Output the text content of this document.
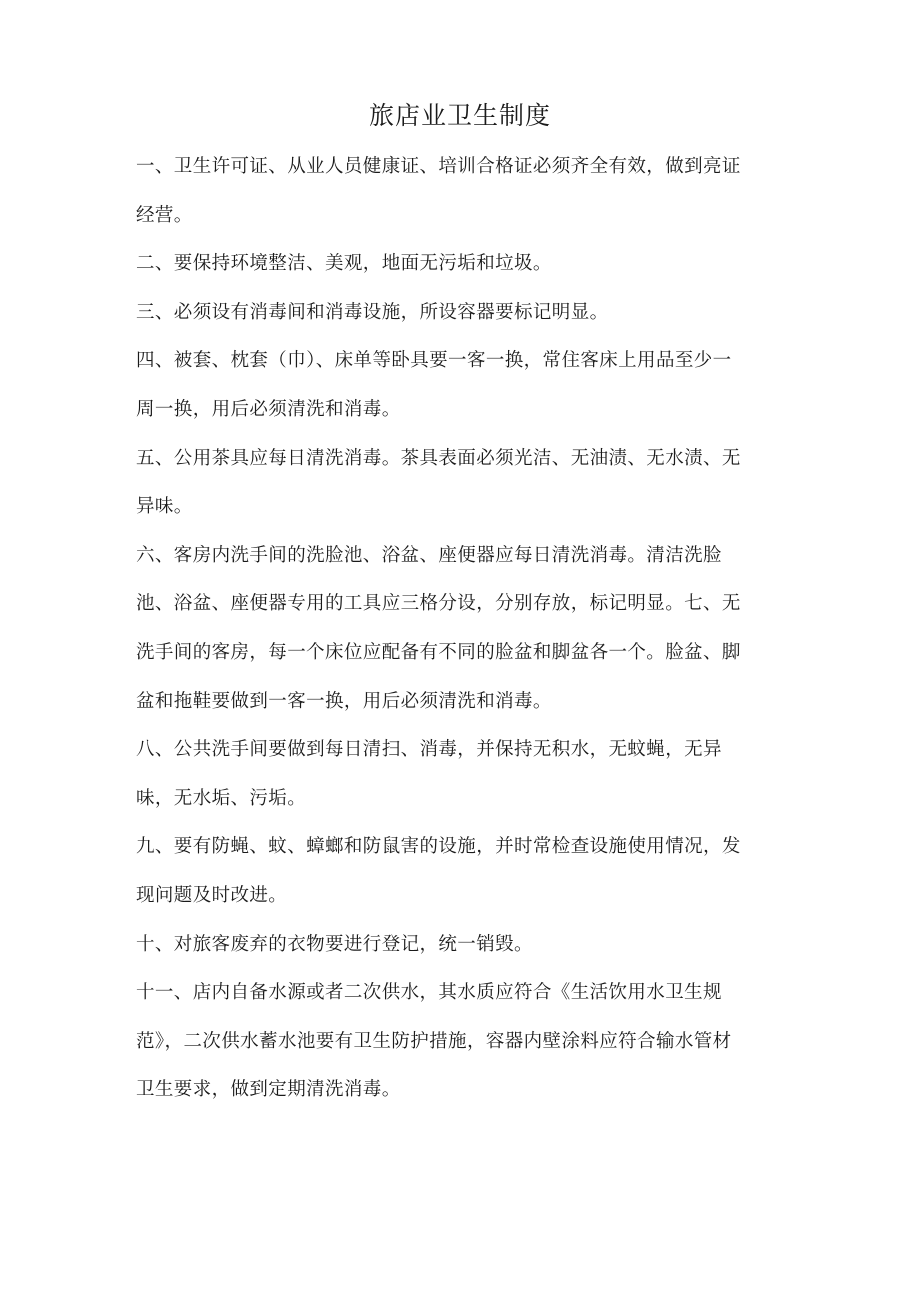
旅店业卫生制度

一、卫生许可证、从业人员健康证、培训合格证必须齐全有效，做到亮证
经营。

二、要保持环境整洁、美观，地面无污垢和垃圾。

三、必须设有消毒间和消毒设施，所设容器要标记明显。

四、被套、枕套（巾）、床单等卧具要一客一换，常住客床上用品至少一
周一换，用后必须清洗和消毒。

五、公用茶具应每日清洗消毒。茶具表面必须光洁、无油渍、无水渍、无
异味。

六、客房内洗手间的洗脸池、浴盆、座便器应每日清洗消毒。清洁洗脸
池、浴盆、座便器专用的工具应三格分设，分别存放，标记明显。七、无
洗手间的客房，每一个床位应配备有不同的脸盆和脚盆各一个。脸盆、脚
盆和拖鞋要做到一客一换，用后必须清洗和消毒。

八、公共洗手间要做到每日清扫、消毒，并保持无积水，无蚊蝇，无异
味，无水垢、污垢。

九、要有防蝇、蚊、蟑螂和防鼠害的设施，并时常检查设施使用情况，发
现问题及时改进。

十、对旅客废弃的衣物要进行登记，统一销毁。

十一、店内自备水源或者二次供水，其水质应符合《生活饮用水卫生规
范》，二次供水蓄水池要有卫生防护措施，容器内壁涂料应符合输水管材
卫生要求，做到定期清洗消毒。
